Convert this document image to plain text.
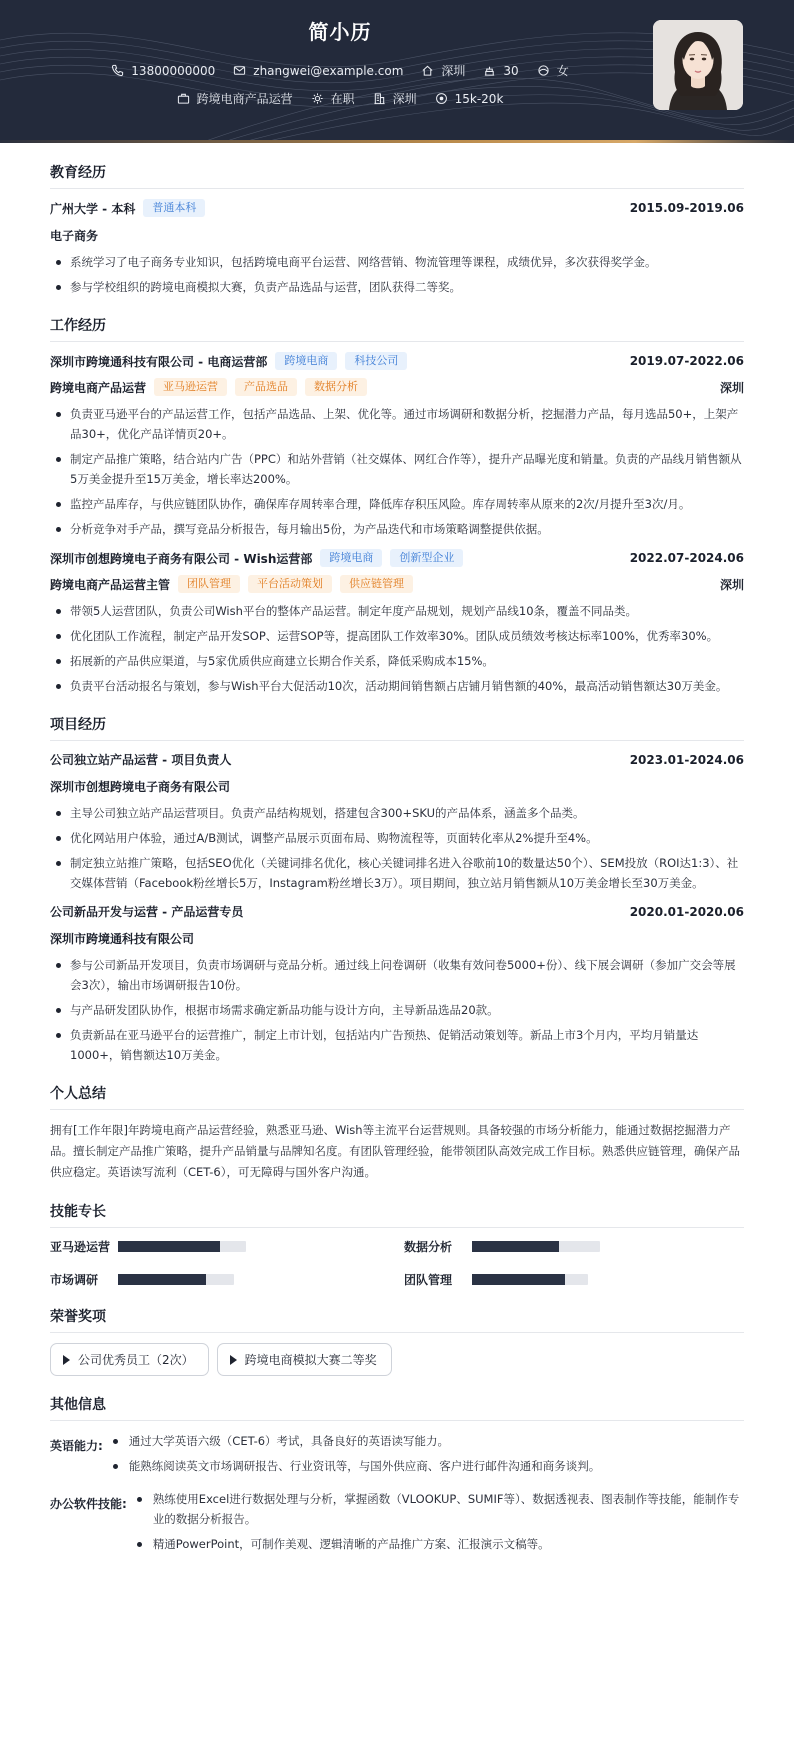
简小历
13800000000	zhangwei@example.com	深圳	30	女
跨境电商产品运营	在职	深圳	15k-20k
教育经历
广州大学 - 本科	普通本科	2015.09-2019.06
电子商务
系统学习了电子商务专业知识，包括跨境电商平台运营、网络营销、物流管理等课程，成绩优异，多次获得奖学金。
参与学校组织的跨境电商模拟大赛，负责产品选品与运营，团队获得二等奖。
工作经历
深圳市跨境通科技有限公司 - 电商运营部	跨境电商	科技公司	2019.07-2022.06
跨境电商产品运营	亚马逊运营	产品选品	数据分析	深圳
负责亚马逊平台的产品运营工作，包括产品选品、上架、优化等。通过市场调研和数据分析，挖掘潜力产品，每月选品50+，上架产品30+，优化产品详情页20+。
制定产品推广策略，结合站内广告（PPC）和站外营销（社交媒体、网红合作等），提升产品曝光度和销量。负责的产品线月销售额从5万美金提升至15万美金，增长率达200%。
监控产品库存，与供应链团队协作，确保库存周转率合理，降低库存积压风险。库存周转率从原来的2次/月提升至3次/月。
分析竞争对手产品，撰写竞品分析报告，每月输出5份，为产品迭代和市场策略调整提供依据。
深圳市创想跨境电子商务有限公司 - Wish运营部	跨境电商	创新型企业	2022.07-2024.06
跨境电商产品运营主管	团队管理	平台活动策划	供应链管理	深圳
带领5人运营团队，负责公司Wish平台的整体产品运营。制定年度产品规划，规划产品线10条，覆盖不同品类。
优化团队工作流程，制定产品开发SOP、运营SOP等，提高团队工作效率30%。团队成员绩效考核达标率100%，优秀率30%。
拓展新的产品供应渠道，与5家优质供应商建立长期合作关系，降低采购成本15%。
负责平台活动报名与策划，参与Wish平台大促活动10次，活动期间销售额占店铺月销售额的40%，最高活动销售额达30万美金。
项目经历
公司独立站产品运营 - 项目负责人	2023.01-2024.06
深圳市创想跨境电子商务有限公司
主导公司独立站产品运营项目。负责产品结构规划，搭建包含300+SKU的产品体系，涵盖多个品类。
优化网站用户体验，通过A/B测试，调整产品展示页面布局、购物流程等，页面转化率从2%提升至4%。
制定独立站推广策略，包括SEO优化（关键词排名优化，核心关键词排名进入谷歌前10的数量达50个）、SEM投放（ROI达1:3）、社交媒体营销（Facebook粉丝增长5万，Instagram粉丝增长3万）。项目期间，独立站月销售额从10万美金增长至30万美金。
公司新品开发与运营 - 产品运营专员	2020.01-2020.06
深圳市跨境通科技有限公司
参与公司新品开发项目，负责市场调研与竞品分析。通过线上问卷调研（收集有效问卷5000+份）、线下展会调研（参加广交会等展会3次），输出市场调研报告10份。
与产品研发团队协作，根据市场需求确定新品功能与设计方向，主导新品选品20款。
负责新品在亚马逊平台的运营推广，制定上市计划，包括站内广告预热、促销活动策划等。新品上市3个月内，平均月销量达1000+，销售额达10万美金。
个人总结
拥有[工作年限]年跨境电商产品运营经验，熟悉亚马逊、Wish等主流平台运营规则。具备较强的市场分析能力，能通过数据挖掘潜力产品。擅长制定产品推广策略，提升产品销量与品牌知名度。有团队管理经验，能带领团队高效完成工作目标。熟悉供应链管理，确保产品供应稳定。英语读写流利（CET-6），可无障碍与国外客户沟通。
技能专长
亚马逊运营	数据分析
市场调研	团队管理
荣誉奖项
公司优秀员工（2次）	跨境电商模拟大赛二等奖
其他信息
英语能力:	通过大学英语六级（CET-6）考试，具备良好的英语读写能力。
能熟练阅读英文市场调研报告、行业资讯等，与国外供应商、客户进行邮件沟通和商务谈判。
办公软件技能:	熟练使用Excel进行数据处理与分析，掌握函数（VLOOKUP、SUMIF等）、数据透视表、图表制作等技能，能制作专业的数据分析报告。
精通PowerPoint，可制作美观、逻辑清晰的产品推广方案、汇报演示文稿等。
